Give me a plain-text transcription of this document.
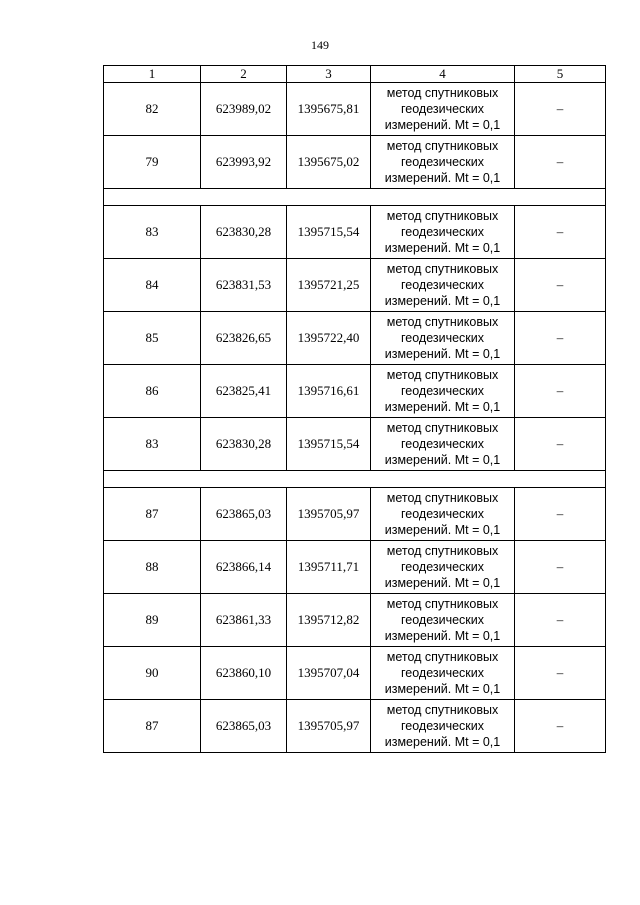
149
1	2	3	4	5
82	623989,02	1395675,81	метод спутниковых
геодезических
измерений. Mt = 0,1	–
79	623993,92	1395675,02	метод спутниковых
геодезических
измерений. Mt = 0,1	–

83	623830,28	1395715,54	метод спутниковых
геодезических
измерений. Mt = 0,1	–
84	623831,53	1395721,25	метод спутниковых
геодезических
измерений. Mt = 0,1	–
85	623826,65	1395722,40	метод спутниковых
геодезических
измерений. Mt = 0,1	–
86	623825,41	1395716,61	метод спутниковых
геодезических
измерений. Mt = 0,1	–
83	623830,28	1395715,54	метод спутниковых
геодезических
измерений. Mt = 0,1	–

87	623865,03	1395705,97	метод спутниковых
геодезических
измерений. Mt = 0,1	–
88	623866,14	1395711,71	метод спутниковых
геодезических
измерений. Mt = 0,1	–
89	623861,33	1395712,82	метод спутниковых
геодезических
измерений. Mt = 0,1	–
90	623860,10	1395707,04	метод спутниковых
геодезических
измерений. Mt = 0,1	–
87	623865,03	1395705,97	метод спутниковых
геодезических
измерений. Mt = 0,1	–
